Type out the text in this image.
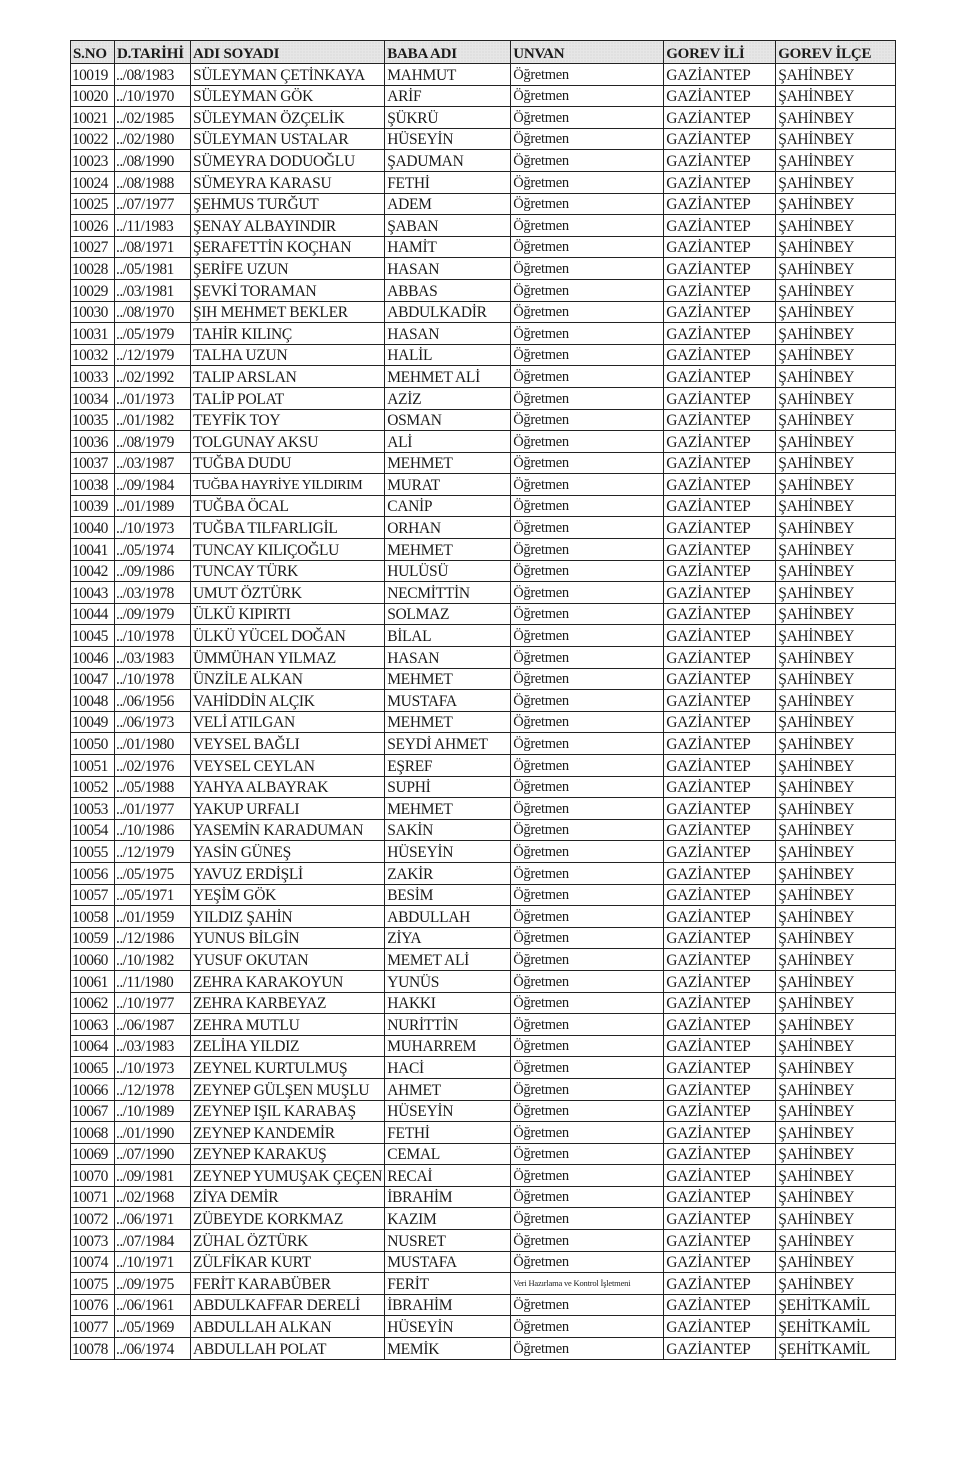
S.NO	D.TARİHİ	ADI SOYADI	BABA ADI	UNVAN	GOREV İLİ	GOREV İLÇE
10019	../08/1983	SÜLEYMAN ÇETİNKAYA	MAHMUT	Öğretmen	GAZİANTEP	ŞAHİNBEY
10020	../10/1970	SÜLEYMAN GÖK	ARİF	Öğretmen	GAZİANTEP	ŞAHİNBEY
10021	../02/1985	SÜLEYMAN ÖZÇELİK	ŞÜKRÜ	Öğretmen	GAZİANTEP	ŞAHİNBEY
10022	../02/1980	SÜLEYMAN USTALAR	HÜSEYİN	Öğretmen	GAZİANTEP	ŞAHİNBEY
10023	../08/1990	SÜMEYRA DODUOĞLU	ŞADUMAN	Öğretmen	GAZİANTEP	ŞAHİNBEY
10024	../08/1988	SÜMEYRA KARASU	FETHİ	Öğretmen	GAZİANTEP	ŞAHİNBEY
10025	../07/1977	ŞEHMUS TURĞUT	ADEM	Öğretmen	GAZİANTEP	ŞAHİNBEY
10026	../11/1983	ŞENAY ALBAYINDIR	ŞABAN	Öğretmen	GAZİANTEP	ŞAHİNBEY
10027	../08/1971	ŞERAFETTİN KOÇHAN	HAMİT	Öğretmen	GAZİANTEP	ŞAHİNBEY
10028	../05/1981	ŞERİFE UZUN	HASAN	Öğretmen	GAZİANTEP	ŞAHİNBEY
10029	../03/1981	ŞEVKİ TORAMAN	ABBAS	Öğretmen	GAZİANTEP	ŞAHİNBEY
10030	../08/1970	ŞIH MEHMET BEKLER	ABDULKADİR	Öğretmen	GAZİANTEP	ŞAHİNBEY
10031	../05/1979	TAHİR KILINÇ	HASAN	Öğretmen	GAZİANTEP	ŞAHİNBEY
10032	../12/1979	TALHA UZUN	HALİL	Öğretmen	GAZİANTEP	ŞAHİNBEY
10033	../02/1992	TALIP ARSLAN	MEHMET ALİ	Öğretmen	GAZİANTEP	ŞAHİNBEY
10034	../01/1973	TALİP POLAT	AZİZ	Öğretmen	GAZİANTEP	ŞAHİNBEY
10035	../01/1982	TEYFİK TOY	OSMAN	Öğretmen	GAZİANTEP	ŞAHİNBEY
10036	../08/1979	TOLGUNAY AKSU	ALİ	Öğretmen	GAZİANTEP	ŞAHİNBEY
10037	../03/1987	TUĞBA DUDU	MEHMET	Öğretmen	GAZİANTEP	ŞAHİNBEY
10038	../09/1984	TUĞBA HAYRİYE YILDIRIM	MURAT	Öğretmen	GAZİANTEP	ŞAHİNBEY
10039	../01/1989	TUĞBA ÖCAL	CANİP	Öğretmen	GAZİANTEP	ŞAHİNBEY
10040	../10/1973	TUĞBA TILFARLIGİL	ORHAN	Öğretmen	GAZİANTEP	ŞAHİNBEY
10041	../05/1974	TUNCAY KILIÇOĞLU	MEHMET	Öğretmen	GAZİANTEP	ŞAHİNBEY
10042	../09/1986	TUNCAY TÜRK	HULÜSÜ	Öğretmen	GAZİANTEP	ŞAHİNBEY
10043	../03/1978	UMUT ÖZTÜRK	NECMİTTİN	Öğretmen	GAZİANTEP	ŞAHİNBEY
10044	../09/1979	ÜLKÜ KIPIRTI	SOLMAZ	Öğretmen	GAZİANTEP	ŞAHİNBEY
10045	../10/1978	ÜLKÜ YÜCEL DOĞAN	BİLAL	Öğretmen	GAZİANTEP	ŞAHİNBEY
10046	../03/1983	ÜMMÜHAN YILMAZ	HASAN	Öğretmen	GAZİANTEP	ŞAHİNBEY
10047	../10/1978	ÜNZİLE ALKAN	MEHMET	Öğretmen	GAZİANTEP	ŞAHİNBEY
10048	../06/1956	VAHİDDİN ALÇIK	MUSTAFA	Öğretmen	GAZİANTEP	ŞAHİNBEY
10049	../06/1973	VELİ ATILGAN	MEHMET	Öğretmen	GAZİANTEP	ŞAHİNBEY
10050	../01/1980	VEYSEL BAĞLI	SEYDİ AHMET	Öğretmen	GAZİANTEP	ŞAHİNBEY
10051	../02/1976	VEYSEL CEYLAN	EŞREF	Öğretmen	GAZİANTEP	ŞAHİNBEY
10052	../05/1988	YAHYA ALBAYRAK	SUPHİ	Öğretmen	GAZİANTEP	ŞAHİNBEY
10053	../01/1977	YAKUP URFALI	MEHMET	Öğretmen	GAZİANTEP	ŞAHİNBEY
10054	../10/1986	YASEMİN KARADUMAN	SAKİN	Öğretmen	GAZİANTEP	ŞAHİNBEY
10055	../12/1979	YASİN GÜNEŞ	HÜSEYİN	Öğretmen	GAZİANTEP	ŞAHİNBEY
10056	../05/1975	YAVUZ ERDİŞLİ	ZAKİR	Öğretmen	GAZİANTEP	ŞAHİNBEY
10057	../05/1971	YEŞİM GÖK	BESİM	Öğretmen	GAZİANTEP	ŞAHİNBEY
10058	../01/1959	YILDIZ ŞAHİN	ABDULLAH	Öğretmen	GAZİANTEP	ŞAHİNBEY
10059	../12/1986	YUNUS BİLGİN	ZİYA	Öğretmen	GAZİANTEP	ŞAHİNBEY
10060	../10/1982	YUSUF OKUTAN	MEMET ALİ	Öğretmen	GAZİANTEP	ŞAHİNBEY
10061	../11/1980	ZEHRA KARAKOYUN	YUNÜS	Öğretmen	GAZİANTEP	ŞAHİNBEY
10062	../10/1977	ZEHRA KARBEYAZ	HAKKI	Öğretmen	GAZİANTEP	ŞAHİNBEY
10063	../06/1987	ZEHRA MUTLU	NURİTTİN	Öğretmen	GAZİANTEP	ŞAHİNBEY
10064	../03/1983	ZELİHA YILDIZ	MUHARREM	Öğretmen	GAZİANTEP	ŞAHİNBEY
10065	../10/1973	ZEYNEL KURTULMUŞ	HACİ	Öğretmen	GAZİANTEP	ŞAHİNBEY
10066	../12/1978	ZEYNEP GÜLŞEN MUŞLU	AHMET	Öğretmen	GAZİANTEP	ŞAHİNBEY
10067	../10/1989	ZEYNEP IŞIL KARABAŞ	HÜSEYİN	Öğretmen	GAZİANTEP	ŞAHİNBEY
10068	../01/1990	ZEYNEP KANDEMİR	FETHİ	Öğretmen	GAZİANTEP	ŞAHİNBEY
10069	../07/1990	ZEYNEP KARAKUŞ	CEMAL	Öğretmen	GAZİANTEP	ŞAHİNBEY
10070	../09/1981	ZEYNEP YUMUŞAK ÇEÇEN	RECAİ	Öğretmen	GAZİANTEP	ŞAHİNBEY
10071	../02/1968	ZİYA DEMİR	İBRAHİM	Öğretmen	GAZİANTEP	ŞAHİNBEY
10072	../06/1971	ZÜBEYDE KORKMAZ	KAZIM	Öğretmen	GAZİANTEP	ŞAHİNBEY
10073	../07/1984	ZÜHAL ÖZTÜRK	NUSRET	Öğretmen	GAZİANTEP	ŞAHİNBEY
10074	../10/1971	ZÜLFİKAR KURT	MUSTAFA	Öğretmen	GAZİANTEP	ŞAHİNBEY
10075	../09/1975	FERİT KARABÜBER	FERİT	Veri Hazırlama ve Kontrol İşletmeni	GAZİANTEP	ŞAHİNBEY
10076	../06/1961	ABDULKAFFAR DERELİ	İBRAHİM	Öğretmen	GAZİANTEP	ŞEHİTKAMİL
10077	../05/1969	ABDULLAH ALKAN	HÜSEYİN	Öğretmen	GAZİANTEP	ŞEHİTKAMİL
10078	../06/1974	ABDULLAH POLAT	MEMİK	Öğretmen	GAZİANTEP	ŞEHİTKAMİL
